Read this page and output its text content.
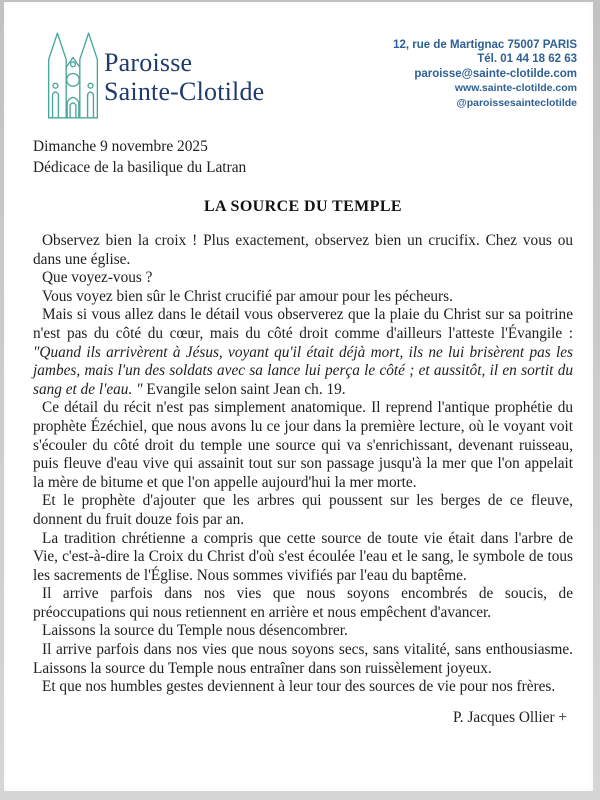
Paroisse
Sainte-Clotilde
12, rue de Martignac 75007 PARIS
Tél. 01 44 18 62 63
paroisse@sainte-clotilde.com
www.sainte-clotilde.com
@paroissesainteclotilde
Dimanche 9 novembre 2025
Dédicace de la basilique du Latran
LA SOURCE DU TEMPLE

Observez bien la croix ! Plus exactement, observez bien un crucifix. Chez vous ou dans une église.

Que voyez-vous ?

Vous voyez bien sûr le Christ crucifié par amour pour les pécheurs.

Mais si vous allez dans le détail vous observerez que la plaie du Christ sur sa poitrine n'est pas du côté du cœur, mais du côté droit comme d'ailleurs l'atteste l'Évangile : "Quand ils arrivèrent à Jésus, voyant qu'il était déjà mort, ils ne lui brisèrent pas les jambes, mais l'un des soldats avec sa lance lui perça le côté ; et aussitôt, il en sortit du sang et de l'eau. " Evangile selon saint Jean ch. 19.

Ce détail du récit n'est pas simplement anatomique. Il reprend l'antique prophétie du prophète Ézéchiel, que nous avons lu ce jour dans la première lecture, où le voyant voit s'écouler du côté droit du temple une source qui va s'enrichissant, devenant ruisseau, puis fleuve d'eau vive qui assainit tout sur son passage jusqu'à la mer que l'on appelait la mère de bitume et que l'on appelle aujourd'hui la mer morte.

Et le prophète d'ajouter que les arbres qui poussent sur les berges de ce fleuve, donnent du fruit douze fois par an.

La tradition chrétienne a compris que cette source de toute vie était dans l'arbre de Vie, c'est-à-dire la Croix du Christ d'où s'est écoulée l'eau et le sang, le symbole de tous les sacrements de l'Église. Nous sommes vivifiés par l'eau du baptême.

Il arrive parfois dans nos vies que nous soyons encombrés de soucis, de préoccupations qui nous retiennent en arrière et nous empêchent d'avancer.

Laissons la source du Temple nous désencombrer.

Il arrive parfois dans nos vies que nous soyons secs, sans vitalité, sans enthousiasme. Laissons la source du Temple nous entraîner dans son ruissèlement joyeux.

Et que nos humbles gestes deviennent à leur tour des sources de vie pour nos frères.

P. Jacques Ollier +
